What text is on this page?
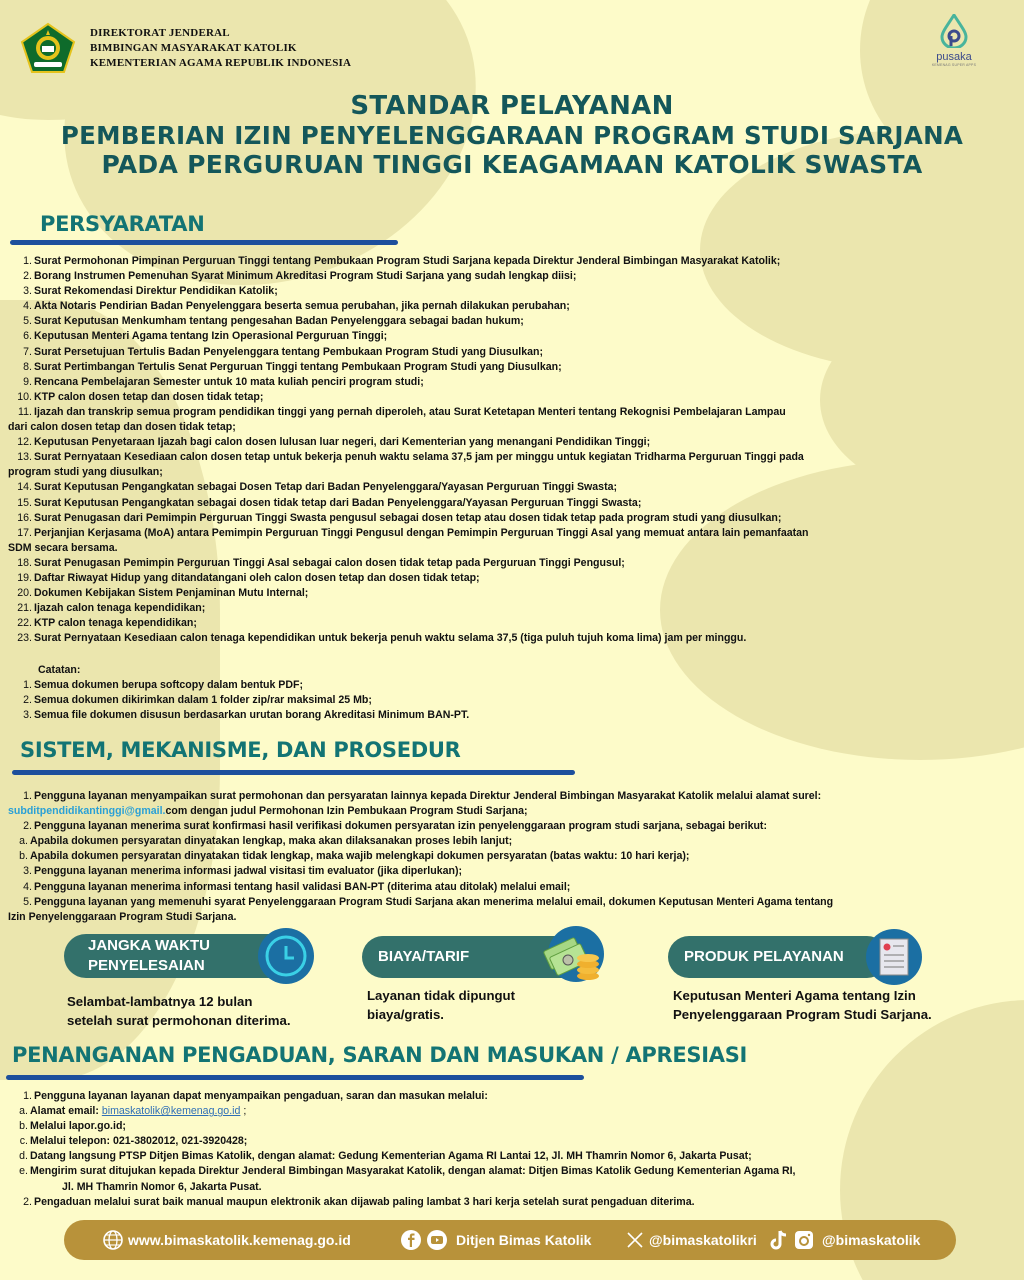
DIREKTORAT JENDERAL
BIMBINGAN MASYARAKAT KATOLIK
KEMENTERIAN AGAMA REPUBLIK INDONESIA	pusaka
KEMENAG SUPER APPS
STANDAR PELAYANAN
PEMBERIAN IZIN PENYELENGGARAAN PROGRAM STUDI SARJANA
PADA PERGURUAN TINGGI KEAGAMAAN KATOLIK SWASTA
PERSYARATAN
1. Surat Permohonan Pimpinan Perguruan Tinggi tentang Pembukaan Program Studi Sarjana kepada Direktur Jenderal Bimbingan Masyarakat Katolik;
2. Borang Instrumen Pemenuhan Syarat Minimum Akreditasi Program Studi Sarjana yang sudah lengkap diisi;
3. Surat Rekomendasi Direktur Pendidikan Katolik;
4. Akta Notaris Pendirian Badan Penyelenggara beserta semua perubahan, jika pernah dilakukan perubahan;
5. Surat Keputusan Menkumham tentang pengesahan Badan Penyelenggara sebagai badan hukum;
6. Keputusan Menteri Agama tentang Izin Operasional Perguruan Tinggi;
7. Surat Persetujuan Tertulis Badan Penyelenggara tentang Pembukaan Program Studi yang Diusulkan;
8. Surat Pertimbangan Tertulis Senat Perguruan Tinggi tentang Pembukaan Program Studi yang Diusulkan;
9. Rencana Pembelajaran Semester untuk 10 mata kuliah penciri program studi;
10. KTP calon dosen tetap dan dosen tidak tetap;
11. Ijazah dan transkrip semua program pendidikan tinggi yang pernah diperoleh, atau Surat Ketetapan Menteri tentang Rekognisi Pembelajaran Lampau
dari calon dosen tetap dan dosen tidak tetap;
12. Keputusan Penyetaraan Ijazah bagi calon dosen lulusan luar negeri, dari Kementerian yang menangani Pendidikan Tinggi;
13. Surat Pernyataan Kesediaan calon dosen tetap untuk bekerja penuh waktu selama 37,5 jam per minggu untuk kegiatan Tridharma Perguruan Tinggi pada
program studi yang diusulkan;
14. Surat Keputusan Pengangkatan sebagai Dosen Tetap dari Badan Penyelenggara/Yayasan Perguruan Tinggi Swasta;
15. Surat Keputusan Pengangkatan sebagai dosen tidak tetap dari Badan Penyelenggara/Yayasan Perguruan Tinggi Swasta;
16. Surat Penugasan dari Pemimpin Perguruan Tinggi Swasta pengusul sebagai dosen tetap atau dosen tidak tetap pada program studi yang diusulkan;
17. Perjanjian Kerjasama (MoA) antara Pemimpin Perguruan Tinggi Pengusul dengan Pemimpin Perguruan Tinggi Asal yang memuat antara lain pemanfaatan
SDM secara bersama.
18. Surat Penugasan Pemimpin Perguruan Tinggi Asal sebagai calon dosen tidak tetap pada Perguruan Tinggi Pengusul;
19. Daftar Riwayat Hidup yang ditandatangani oleh calon dosen tetap dan dosen tidak tetap;
20. Dokumen Kebijakan Sistem Penjaminan Mutu Internal;
21. Ijazah calon tenaga kependidikan;
22. KTP calon tenaga kependidikan;
23. Surat Pernyataan Kesediaan calon tenaga kependidikan untuk bekerja penuh waktu selama 37,5 (tiga puluh tujuh koma lima) jam per minggu.
Catatan:
1. Semua dokumen berupa softcopy dalam bentuk PDF;
2. Semua dokumen dikirimkan dalam 1 folder zip/rar maksimal 25 Mb;
3. Semua file dokumen disusun berdasarkan urutan borang Akreditasi Minimum BAN-PT.
SISTEM, MEKANISME, DAN PROSEDUR
1. Pengguna layanan menyampaikan surat permohonan dan persyaratan lainnya kepada Direktur Jenderal Bimbingan Masyarakat Katolik melalui alamat surel:
subditpendidikantinggi@gmail.com dengan judul Permohonan Izin Pembukaan Program Studi Sarjana;
2. Pengguna layanan menerima surat konfirmasi hasil verifikasi dokumen persyaratan izin penyelenggaraan program studi sarjana, sebagai berikut:
a. Apabila dokumen persyaratan dinyatakan lengkap, maka akan dilaksanakan proses lebih lanjut;
b. Apabila dokumen persyaratan dinyatakan tidak lengkap, maka wajib melengkapi dokumen persyaratan (batas waktu: 10 hari kerja);
3. Pengguna layanan menerima informasi jadwal visitasi tim evaluator (jika diperlukan);
4. Pengguna layanan menerima informasi tentang hasil validasi BAN-PT (diterima atau ditolak) melalui email;
5. Pengguna layanan yang memenuhi syarat Penyelenggaraan Program Studi Sarjana akan menerima melalui email, dokumen Keputusan Menteri Agama tentang
Izin Penyelenggaraan Program Studi Sarjana.
JANGKA WAKTU
PENYELESAIAN
Selambat-lambatnya 12 bulan
setelah surat permohonan diterima.
BIAYA/TARIF
Layanan tidak dipungut
biaya/gratis.
PRODUK PELAYANAN
Keputusan Menteri Agama tentang Izin
Penyelenggaraan Program Studi Sarjana.
PENANGANAN PENGADUAN, SARAN DAN MASUKAN / APRESIASI
1. Pengguna layanan layanan dapat menyampaikan pengaduan, saran dan masukan melalui:
a. Alamat email: bimaskatolik@kemenag.go.id ;
b. Melalui lapor.go.id;
c. Melalui telepon: 021-3802012, 021-3920428;
d. Datang langsung PTSP Ditjen Bimas Katolik, dengan alamat: Gedung Kementerian Agama RI Lantai 12, Jl. MH Thamrin Nomor 6, Jakarta Pusat;
e. Mengirim surat ditujukan kepada Direktur Jenderal Bimbingan Masyarakat Katolik, dengan alamat: Ditjen Bimas Katolik Gedung Kementerian Agama RI,
Jl. MH Thamrin Nomor 6, Jakarta Pusat.
2. Pengaduan melalui surat baik manual maupun elektronik akan dijawab paling lambat 3 hari kerja setelah surat pengaduan diterima.
www.bimaskatolik.kemenag.go.id	Ditjen Bimas Katolik	@bimaskatolikri	@bimaskatolik
